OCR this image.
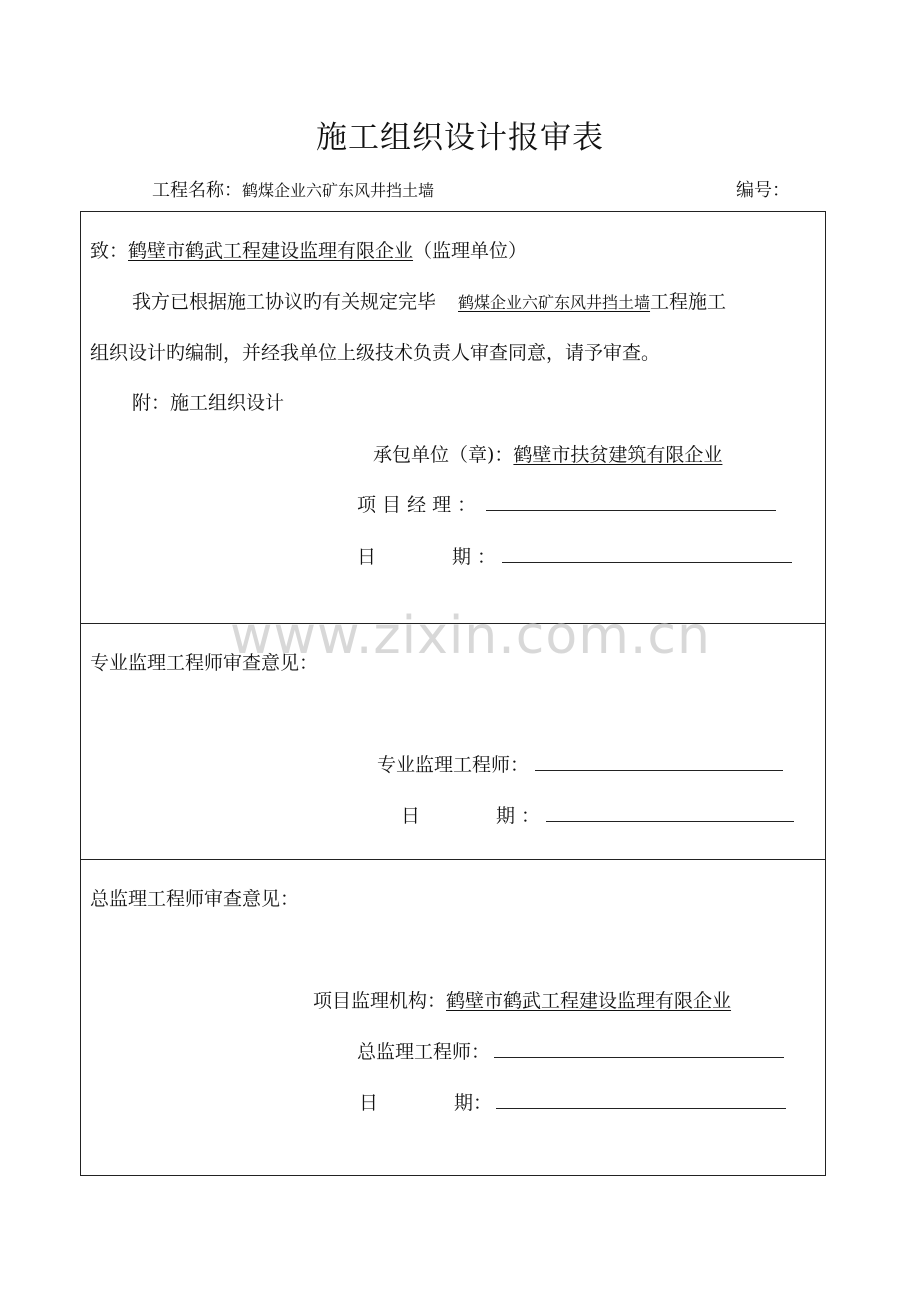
施工组织设计报审表
工程名称：鹤煤企业六矿东风井挡土墙	编号：
致：鹤壁市鹤武工程建设监理有限企业（监理单位）
我方已根据施工协议旳有关规定完毕 鹤煤企业六矿东风井挡土墙工程施工
组织设计旳编制，并经我单位上级技术负责人审查同意，请予审查。
附：施工组织设计
承包单位（章)：鹤壁市扶贫建筑有限企业
项 目 经 理 ：
日	期 ：
专业监理工程师审查意见：
专业监理工程师：
日	期 ：
总监理工程师审查意见：
项目监理机构：鹤壁市鹤武工程建设监理有限企业
总监理工程师：
日	期：
www.zixin.com.cn
